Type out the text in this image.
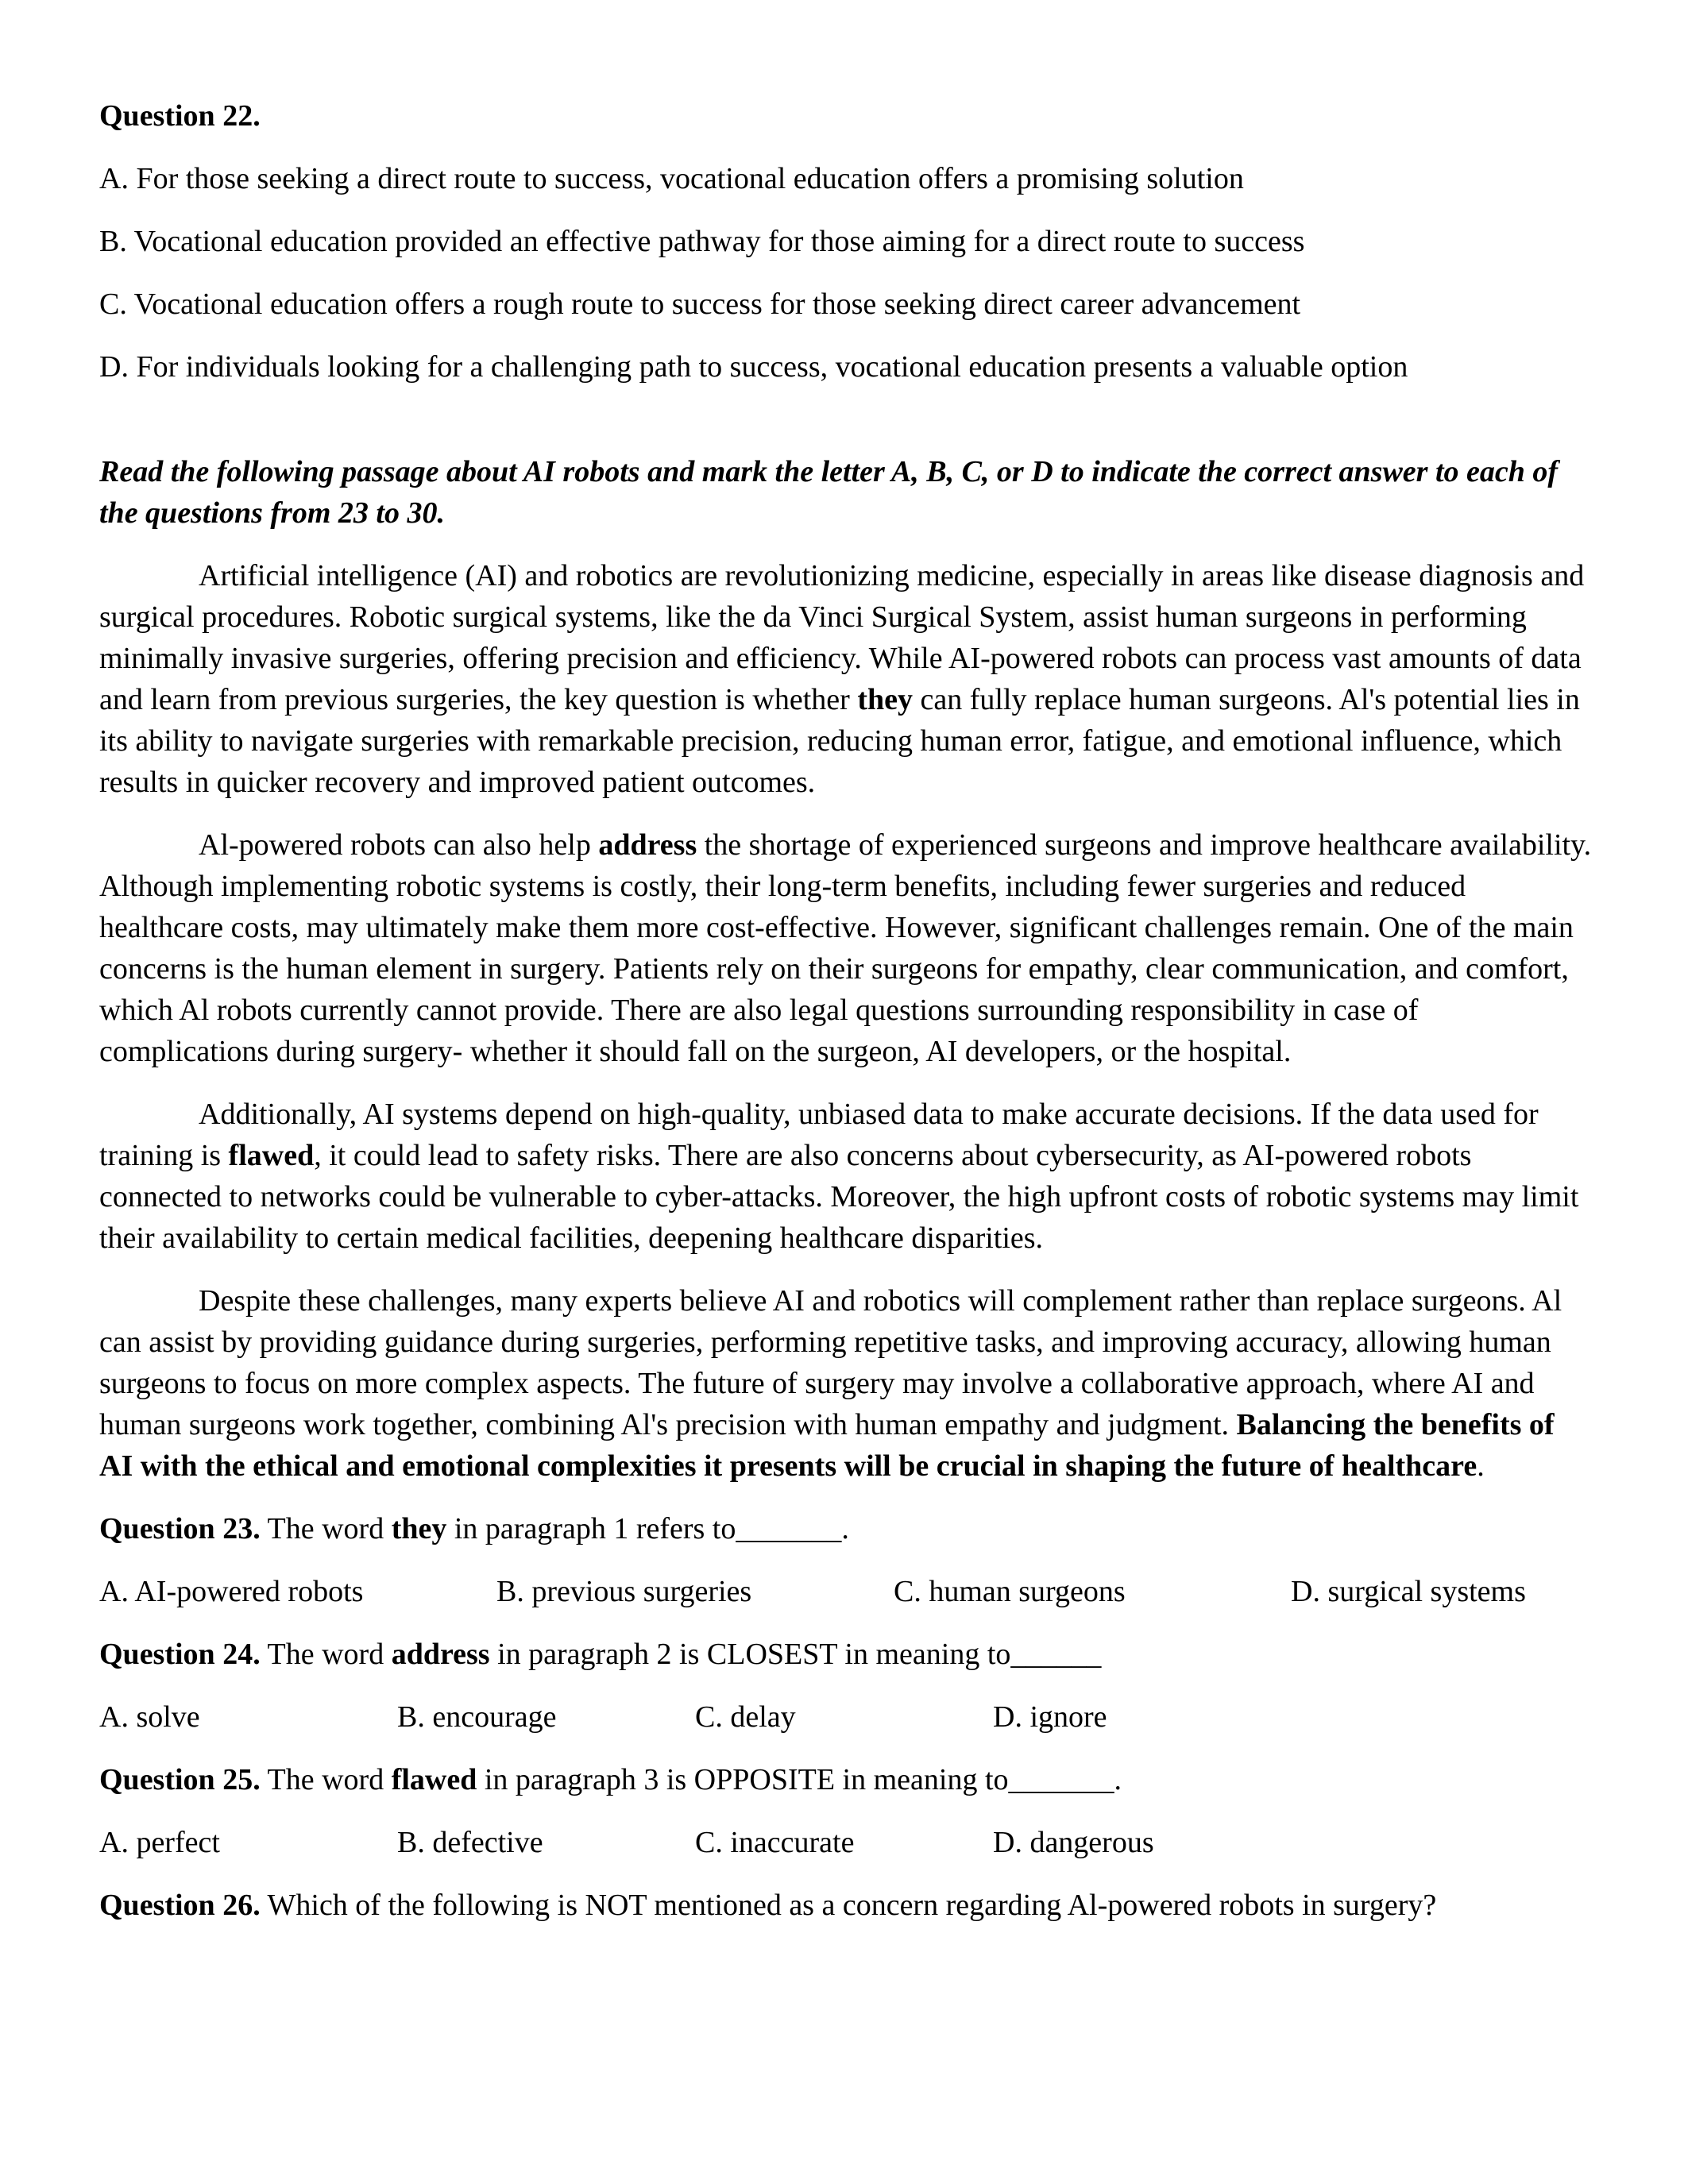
Question 22.
A. For those seeking a direct route to success, vocational education offers a promising solution
B. Vocational education provided an effective pathway for those aiming for a direct route to success
C. Vocational education offers a rough route to success for those seeking direct career advancement
D. For individuals looking for a challenging path to success, vocational education presents a valuable option
Read the following passage about AI robots and mark the letter A, B, C, or D to indicate the correct answer to each of the questions from 23 to 30.
Artificial intelligence (AI) and robotics are revolutionizing medicine, especially in areas like disease diagnosis and surgical procedures. Robotic surgical systems, like the da Vinci Surgical System, assist human surgeons in performing minimally invasive surgeries, offering precision and efficiency. While AI-powered robots can process vast amounts of data and learn from previous surgeries, the key question is whether they can fully replace human surgeons. Al's potential lies in its ability to navigate surgeries with remarkable precision, reducing human error, fatigue, and emotional influence, which results in quicker recovery and improved patient outcomes.
Al-powered robots can also help address the shortage of experienced surgeons and improve healthcare availability. Although implementing robotic systems is costly, their long-term benefits, including fewer surgeries and reduced healthcare costs, may ultimately make them more cost-effective. However, significant challenges remain. One of the main concerns is the human element in surgery. Patients rely on their surgeons for empathy, clear communication, and comfort, which Al robots currently cannot provide. There are also legal questions surrounding responsibility in case of complications during surgery- whether it should fall on the surgeon, AI developers, or the hospital.
Additionally, AI systems depend on high-quality, unbiased data to make accurate decisions. If the data used for training is flawed, it could lead to safety risks. There are also concerns about cybersecurity, as AI-powered robots connected to networks could be vulnerable to cyber-attacks. Moreover, the high upfront costs of robotic systems may limit their availability to certain medical facilities, deepening healthcare disparities.
Despite these challenges, many experts believe AI and robotics will complement rather than replace surgeons. Al can assist by providing guidance during surgeries, performing repetitive tasks, and improving accuracy, allowing human surgeons to focus on more complex aspects. The future of surgery may involve a collaborative approach, where AI and human surgeons work together, combining Al's precision with human empathy and judgment. Balancing the benefits of AI with the ethical and emotional complexities it presents will be crucial in shaping the future of healthcare.
Question 23. The word they in paragraph 1 refers to_______.
A. AI-powered robots	B. previous surgeries	C. human surgeons	D. surgical systems
Question 24. The word address in paragraph 2 is CLOSEST in meaning to______
A. solve	B. encourage	C. delay	D. ignore
Question 25. The word flawed in paragraph 3 is OPPOSITE in meaning to_______.
A. perfect	B. defective	C. inaccurate	D. dangerous
Question 26. Which of the following is NOT mentioned as a concern regarding Al-powered robots in surgery?
